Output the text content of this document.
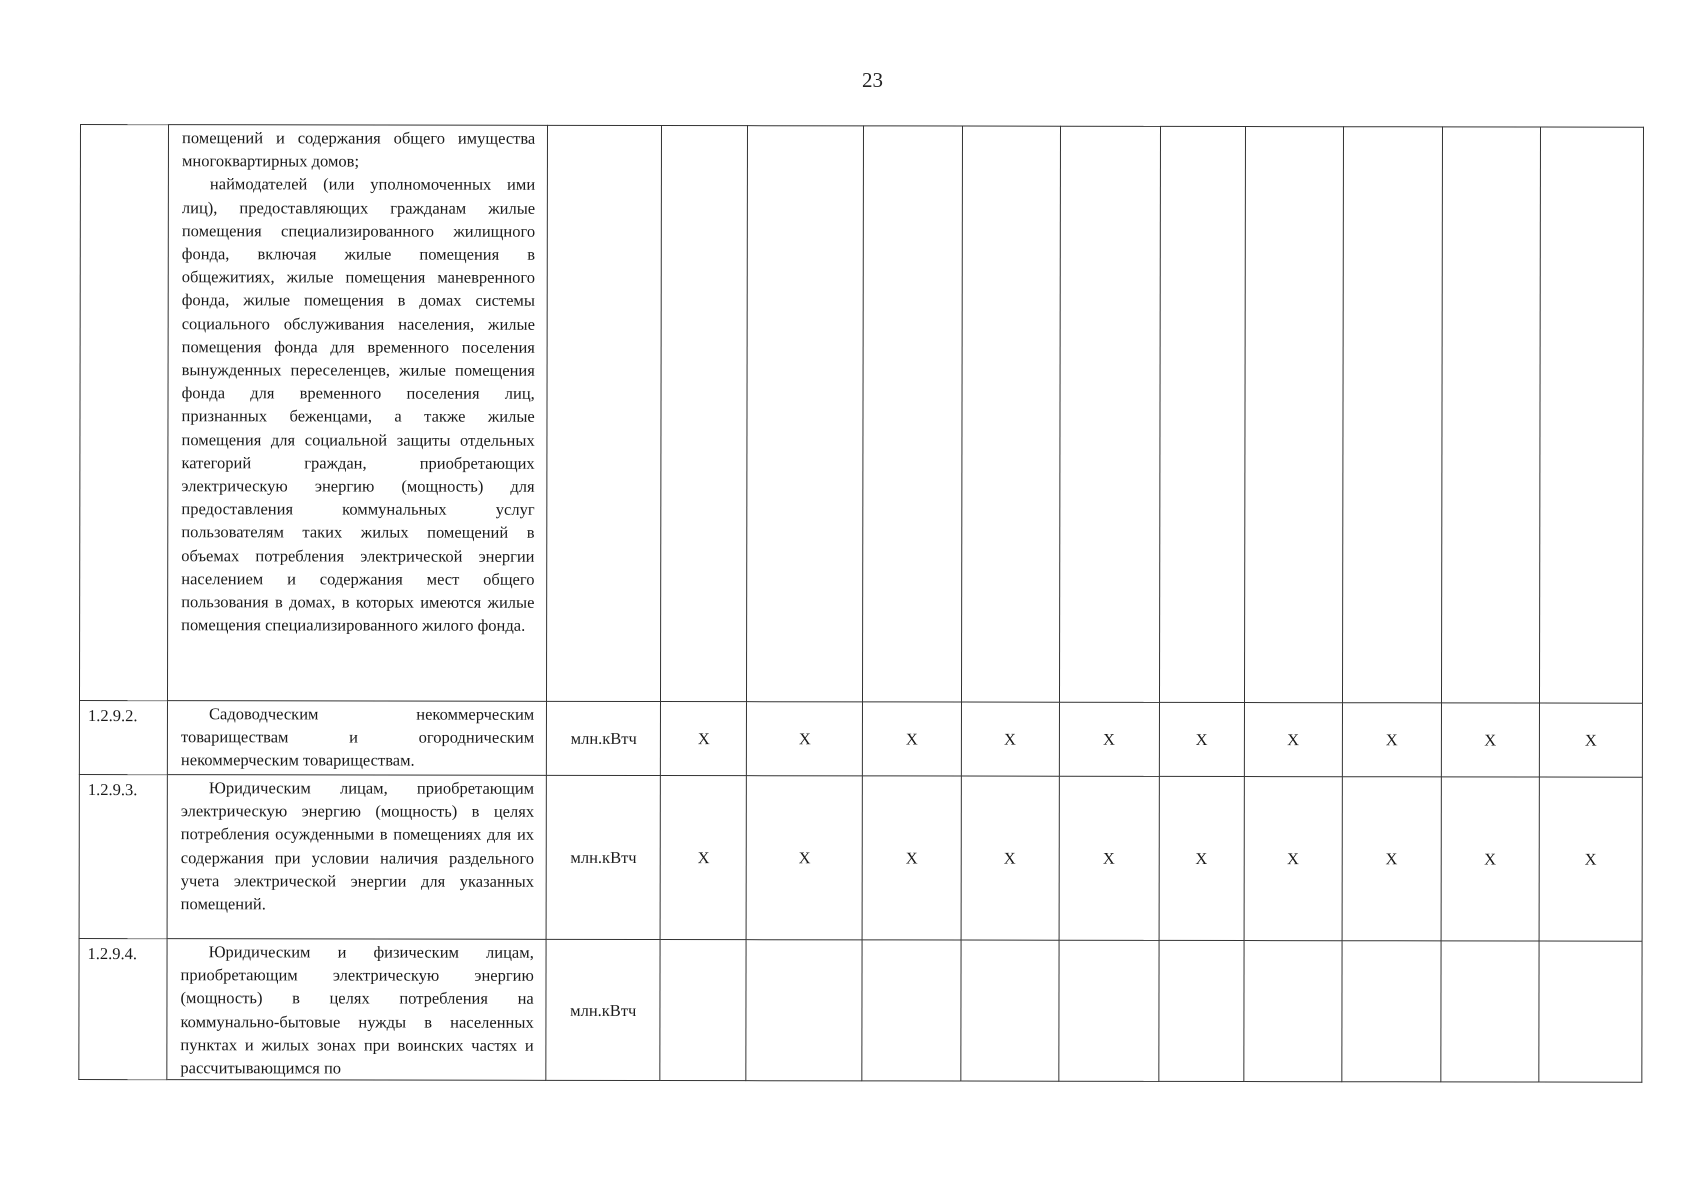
23

	помещений и содержания общего имущества многоквартирных домов;

наймодателей (или уполномоченных ими лиц), предоставляющих гражданам жилые помещения специализированного жилищного фонда, включая жилые помещения в общежитиях, жилые помещения маневренного фонда, жилые помещения в домах системы социального обслуживания населения, жилые помещения фонда для временного поселения вынужденных переселенцев, жилые помещения фонда для временного поселения лиц, признанных беженцами, а также жилые помещения для социальной защиты отдельных категорий граждан, приобретающих электрическую энергию (мощность) для предоставления коммунальных услуг пользователям таких жилых помещений в объемах потребления электрической энергии населением и содержания мест общего пользования в домах, в которых имеются жилые помещения специализированного жилого фонда.											

1.2.9.2.	Садоводческим некоммерческим товариществам и огородническим некоммерческим товариществам.	млн.кВтч	X	X	X	X	X	X	X	X	X	X
1.2.9.3.	Юридическим лицам, приобретающим электрическую энергию (мощность) в целях потребления осужденными в помещениях для их содержания при условии наличия раздельного учета электрической энергии для указанных помещений.	млн.кВтч	X	X	X	X	X	X	X	X	X	X
1.2.9.4.	Юридическим и физическим лицам, приобретающим электрическую энергию (мощность) в целях потребления на коммунально-бытовые нужды в населенных пунктах и жилых зонах при воинских частях и рассчитывающимся по	млн.кВтч										
